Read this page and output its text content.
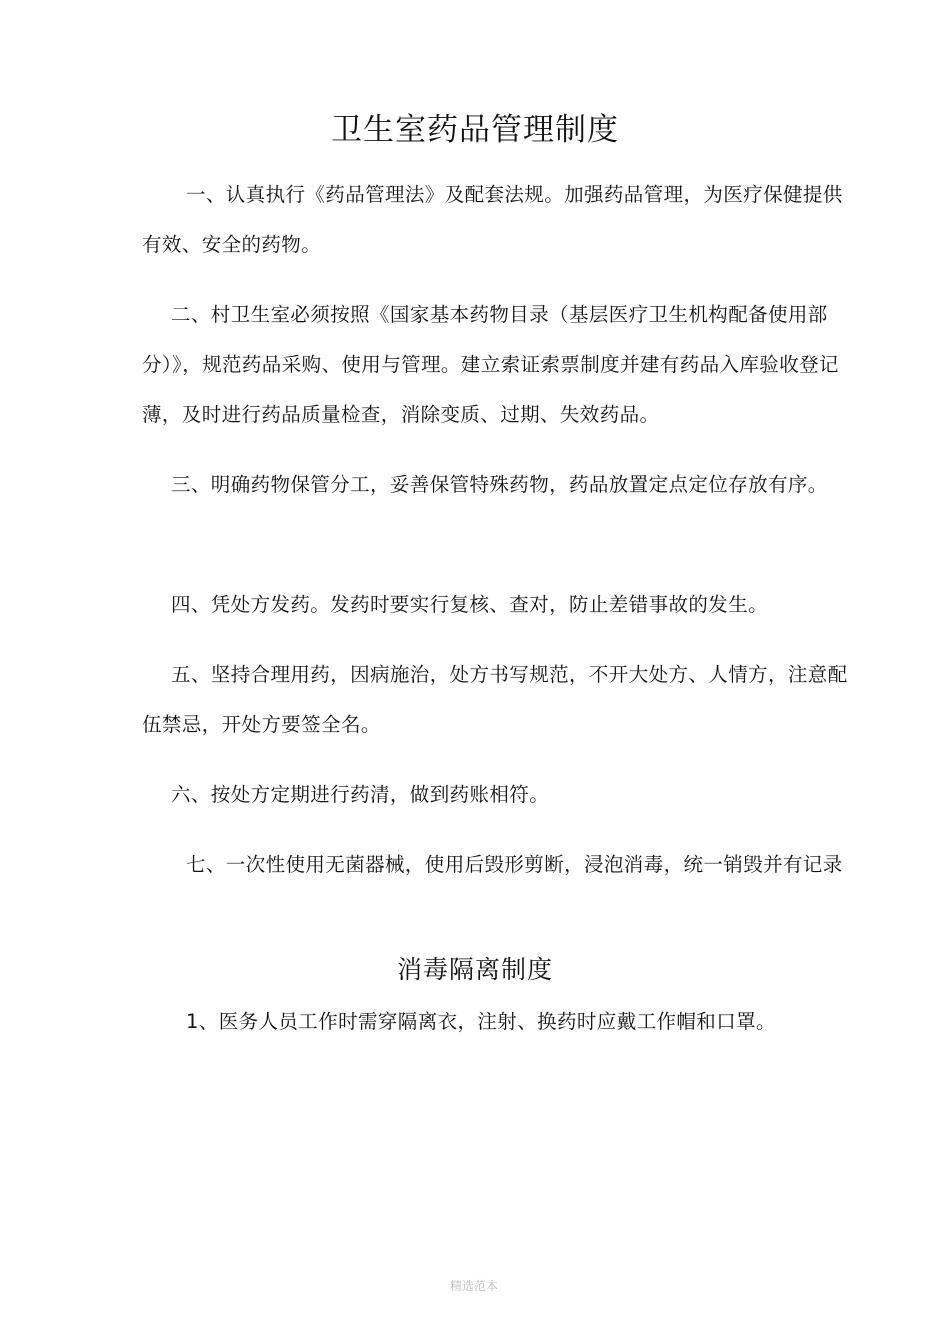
卫生室药品管理制度
一、认真执行《药品管理法》及配套法规。加强药品管理，为医疗保健提供有效、安全的药物。
二、村卫生室必须按照《国家基本药物目录（基层医疗卫生机构配备使用部分）》，规范药品采购、使用与管理。建立索证索票制度并建有药品入库验收登记薄，及时进行药品质量检查，消除变质、过期、失效药品。
三、明确药物保管分工，妥善保管特殊药物，药品放置定点定位存放有序。
四、凭处方发药。发药时要实行复核、查对，防止差错事故的发生。
五、坚持合理用药，因病施治，处方书写规范，不开大处方、人情方，注意配伍禁忌，开处方要签全名。
六、按处方定期进行药清，做到药账相符。
七、一次性使用无菌器械，使用后毁形剪断，浸泡消毒，统一销毁并有记录
消毒隔离制度
1、医务人员工作时需穿隔离衣，注射、换药时应戴工作帽和口罩。
精选范本
